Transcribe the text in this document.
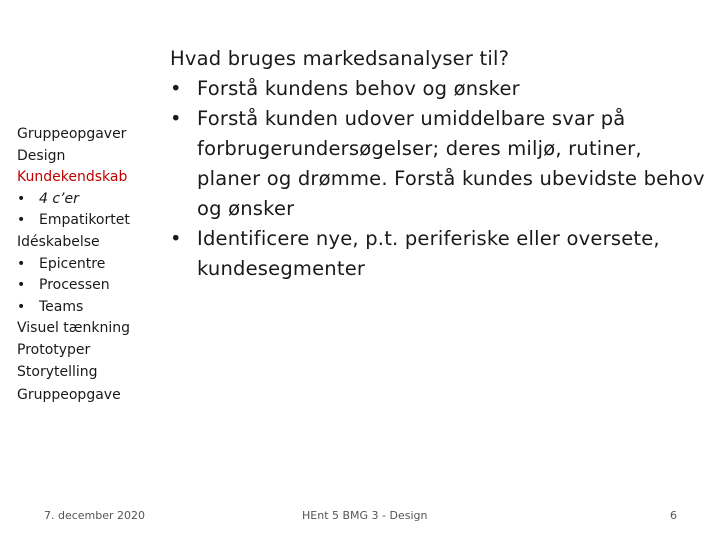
Gruppeopgaver
Design
Kundekendskab
• 4 c’er
• Empatikortet
Idéskabelse
• Epicentre
• Processen
• Teams
Visuel tænkning
Prototyper
Storytelling
Gruppeopgave
Hvad bruges markedsanalyser til?
• Forstå kundens behov og ønsker
• Forstå kunden udover umiddelbare svar på forbrugerundersøgelser; deres miljø, rutiner, planer og drømme. Forstå kundes ubevidste behov og ønsker
• Identificere nye, p.t. periferiske eller oversete, kundesegmenter
7. december 2020	HEnt 5 BMG 3 - Design	6
